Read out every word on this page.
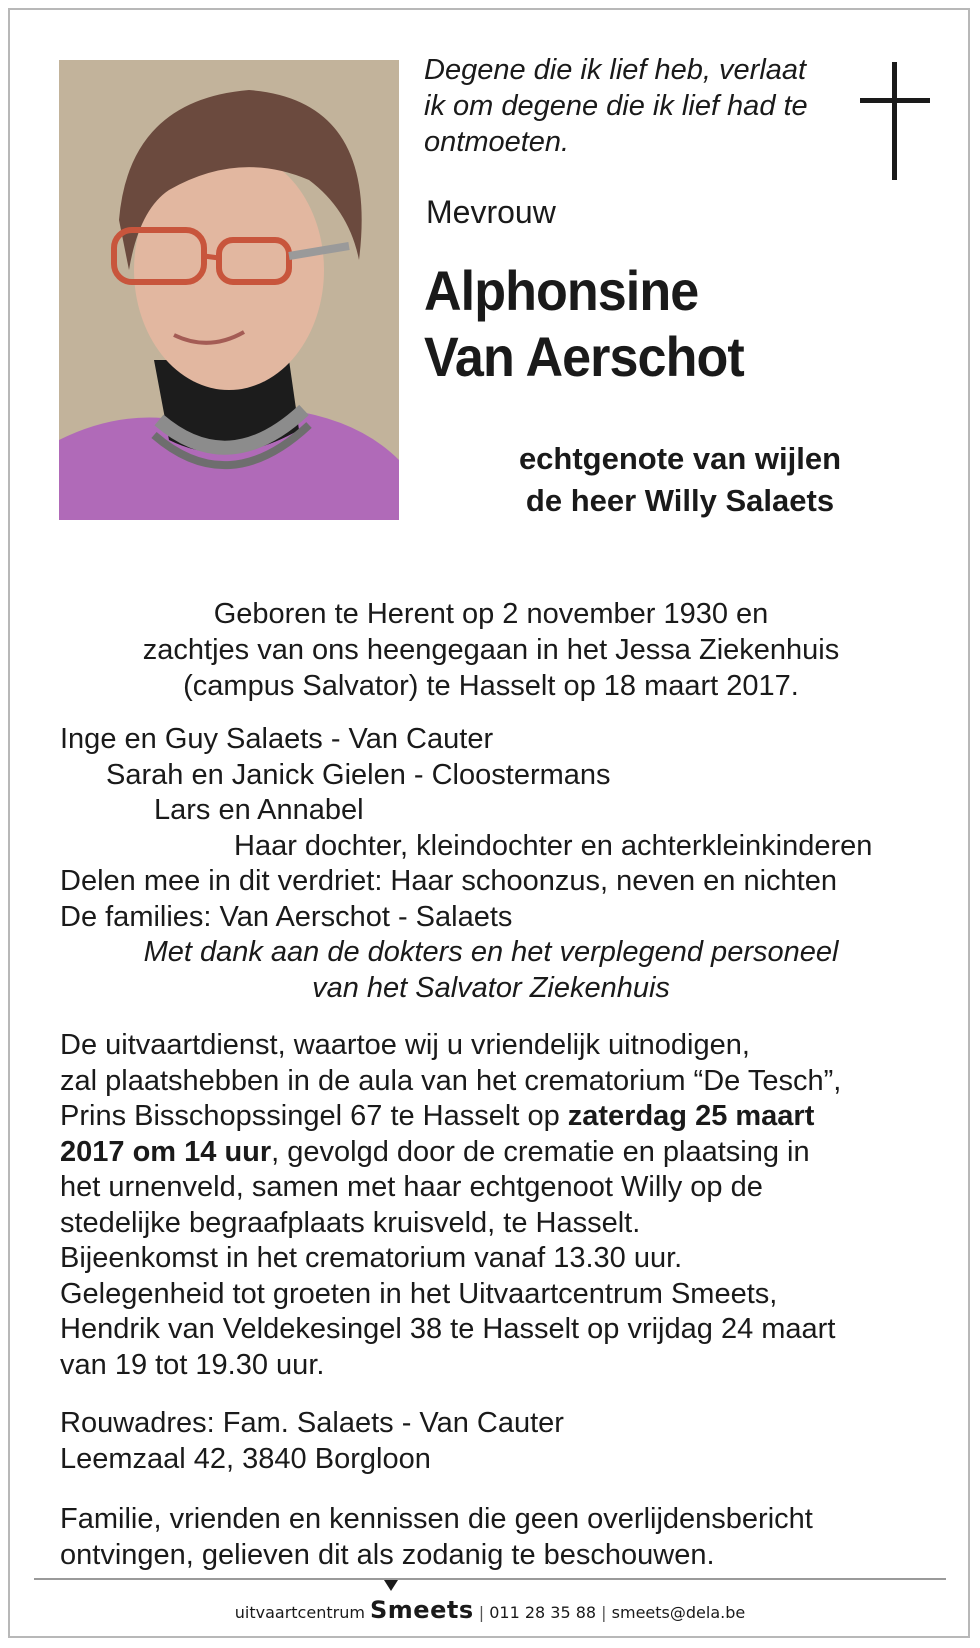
Degene die ik lief heb, verlaat
ik om degene die ik lief had te
ontmoeten.
Mevrouw
Alphonsine
Van Aerschot
echtgenote van wijlen
de heer Willy Salaets
Geboren te Herent op 2 november 1930 en
zachtjes van ons heengegaan in het Jessa Ziekenhuis
(campus Salvator) te Hasselt op 18 maart 2017.
Inge en Guy Salaets - Van Cauter
Sarah en Janick Gielen - Cloostermans
Lars en Annabel
Haar dochter, kleindochter en achterkleinkinderen
Delen mee in dit verdriet: Haar schoonzus, neven en nichten
De families: Van Aerschot - Salaets
Met dank aan de dokters en het verplegend personeel
van het Salvator Ziekenhuis
De uitvaartdienst, waartoe wij u vriendelijk uitnodigen,
zal plaatshebben in de aula van het crematorium “De Tesch”,
Prins Bisschopssingel 67 te Hasselt op zaterdag 25 maart
2017 om 14 uur, gevolgd door de crematie en plaatsing in
het urnenveld, samen met haar echtgenoot Willy op de
stedelijke begraafplaats kruisveld, te Hasselt.
Bijeenkomst in het crematorium vanaf 13.30 uur.
Gelegenheid tot groeten in het Uitvaartcentrum Smeets,
Hendrik van Veldekesingel 38 te Hasselt op vrijdag 24 maart
van 19 tot 19.30 uur.
Rouwadres: Fam. Salaets - Van Cauter
Leemzaal 42, 3840 Borgloon
Familie, vrienden en kennissen die geen overlijdensbericht
ontvingen, gelieven dit als zodanig te beschouwen.
uitvaartcentrum Smeets | 011 28 35 88 | smeets@dela.be
